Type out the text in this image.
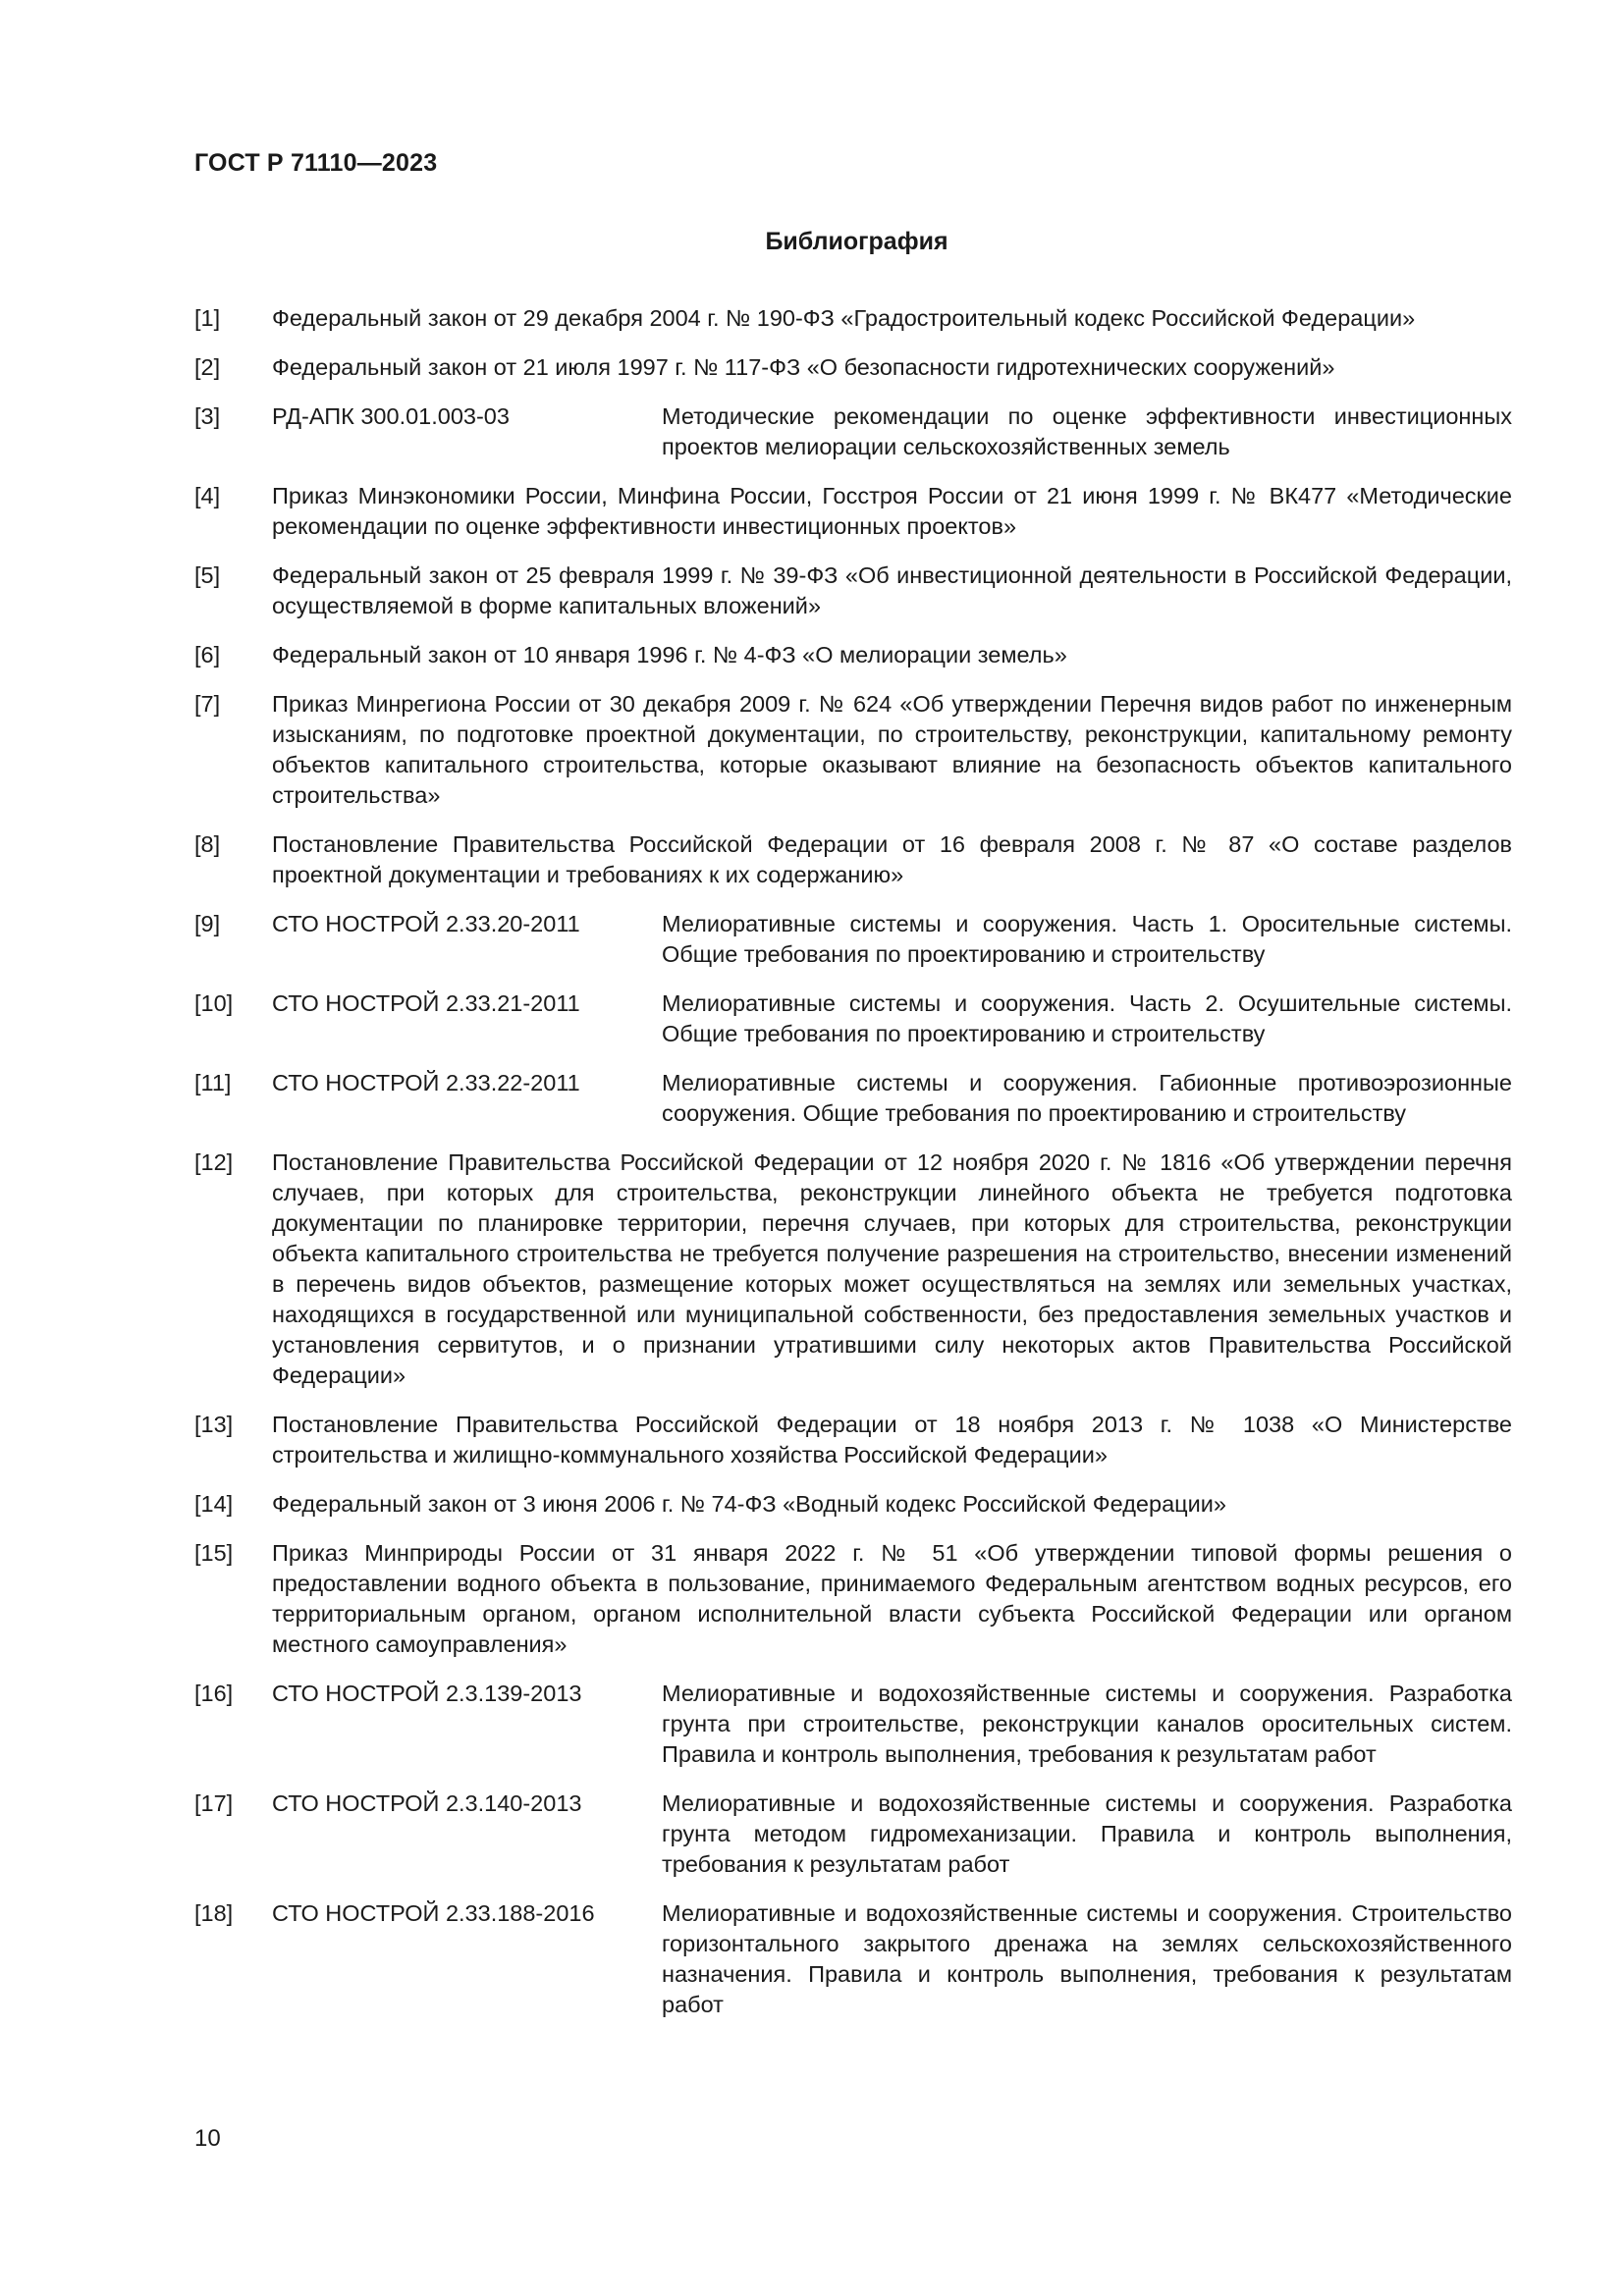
ГОСТ Р 71110—2023
Библиография
[1]	Федеральный закон от 29 декабря 2004 г. № 190-ФЗ «Градостроительный кодекс Российской Федерации»
[2]	Федеральный закон от 21 июля 1997 г. № 117-ФЗ «О безопасности гидротехнических сооружений»
[3]	РД-АПК 300.01.003-03	Методические рекомендации по оценке эффективности инвестиционных проектов мелиорации сельскохозяйственных земель
[4]	Приказ Минэкономики России, Минфина России, Госстроя России от 21 июня 1999 г. № ВК477 «Методические рекомендации по оценке эффективности инвестиционных проектов»
[5]	Федеральный закон от 25 февраля 1999 г. № 39-ФЗ «Об инвестиционной деятельности в Российской Федерации, осуществляемой в форме капитальных вложений»
[6]	Федеральный закон от 10 января 1996 г. № 4-ФЗ «О мелиорации земель»
[7]	Приказ Минрегиона России от 30 декабря 2009 г. № 624 «Об утверждении Перечня видов работ по инженерным изысканиям, по подготовке проектной документации, по строительству, реконструкции, капитальному ремонту объектов капитального строительства, которые оказывают влияние на безопасность объектов капитального строительства»
[8]	Постановление Правительства Российской Федерации от 16 февраля 2008 г. № 87 «О составе разделов проектной документации и требованиях к их содержанию»
[9]	СТО НОСТРОЙ 2.33.20-2011	Мелиоративные системы и сооружения. Часть 1. Оросительные системы. Общие требования по проектированию и строительству
[10]	СТО НОСТРОЙ 2.33.21-2011	Мелиоративные системы и сооружения. Часть 2. Осушительные системы. Общие требования по проектированию и строительству
[11]	СТО НОСТРОЙ 2.33.22-2011	Мелиоративные системы и сооружения. Габионные противоэрозионные сооружения. Общие требования по проектированию и строительству
[12]	Постановление Правительства Российской Федерации от 12 ноября 2020 г. № 1816 «Об утверждении перечня случаев, при которых для строительства, реконструкции линейного объекта не требуется подготовка документации по планировке территории, перечня случаев, при которых для строительства, реконструкции объекта капитального строительства не требуется получение разрешения на строительство, внесении изменений в перечень видов объектов, размещение которых может осуществляться на землях или земельных участках, находящихся в государственной или муниципальной собственности, без предоставления земельных участков и установления сервитутов, и о признании утратившими силу некоторых актов Правительства Российской Федерации»
[13]	Постановление Правительства Российской Федерации от 18 ноября 2013 г. № 1038 «О Министерстве строительства и жилищно-коммунального хозяйства Российской Федерации»
[14]	Федеральный закон от 3 июня 2006 г. № 74-ФЗ «Водный кодекс Российской Федерации»
[15]	Приказ Минприроды России от 31 января 2022 г. № 51 «Об утверждении типовой формы решения о предоставлении водного объекта в пользование, принимаемого Федеральным агентством водных ресурсов, его территориальным органом, органом исполнительной власти субъекта Российской Федерации или органом местного самоуправления»
[16]	СТО НОСТРОЙ 2.3.139-2013	Мелиоративные и водохозяйственные системы и сооружения. Разработка грунта при строительстве, реконструкции каналов оросительных систем. Правила и контроль выполнения, требования к результатам работ
[17]	СТО НОСТРОЙ 2.3.140-2013	Мелиоративные и водохозяйственные системы и сооружения. Разработка грунта методом гидромеханизации. Правила и контроль выполнения, требования к результатам работ
[18]	СТО НОСТРОЙ 2.33.188-2016	Мелиоративные и водохозяйственные системы и сооружения. Строительство горизонтального закрытого дренажа на землях сельскохозяйственного назначения. Правила и контроль выполнения, требования к результатам работ
10
